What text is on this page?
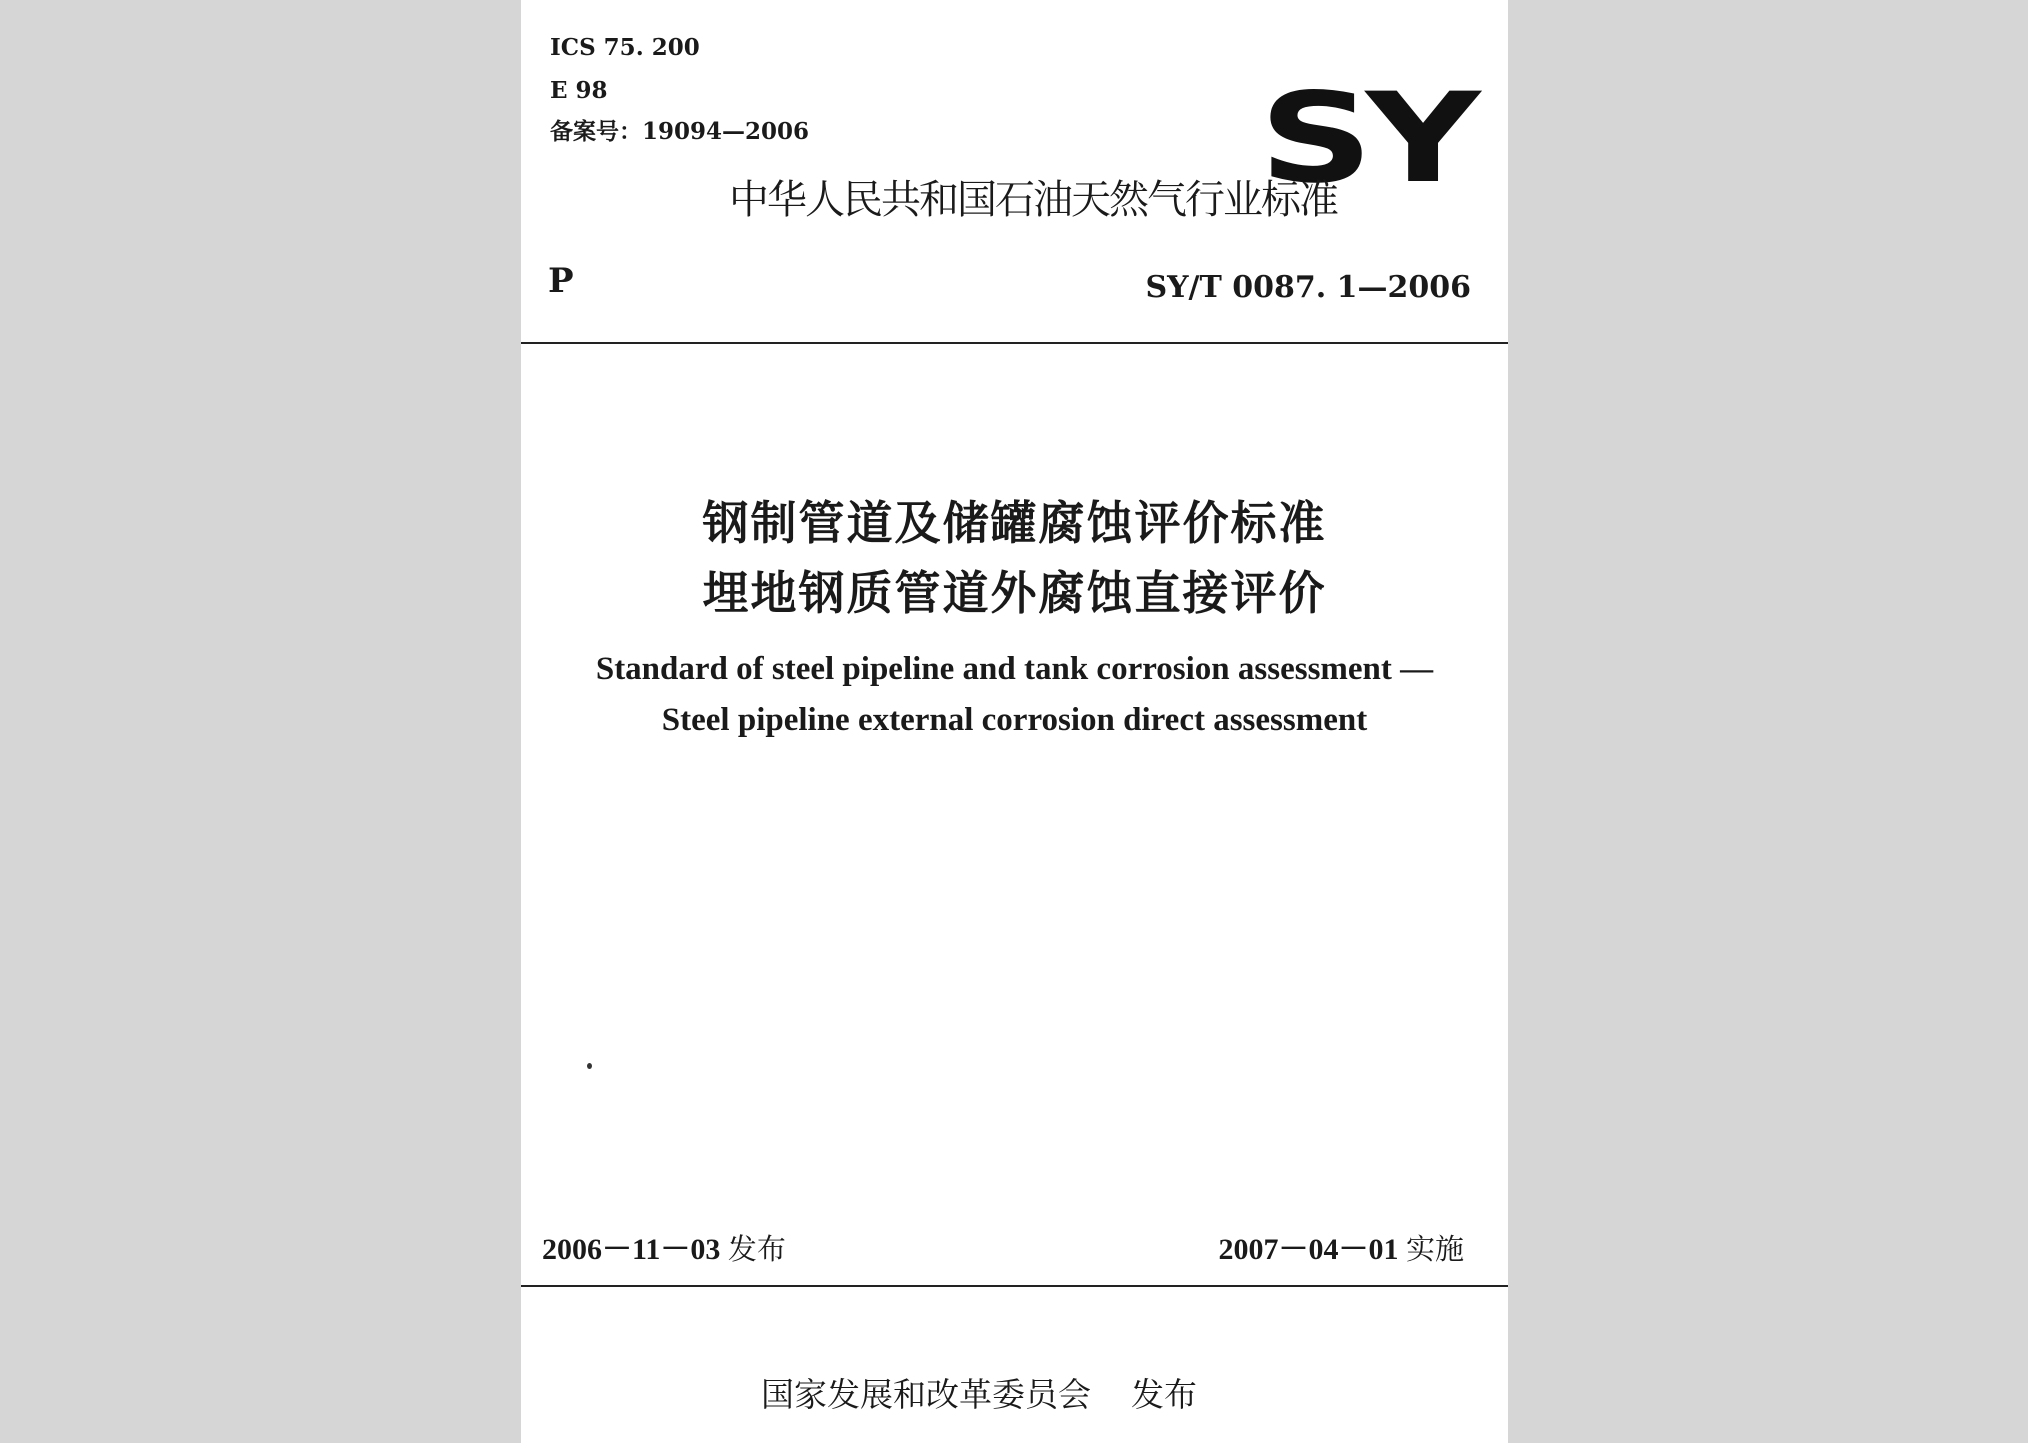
ICS 75. 200
E 98
备案号：19094—2006	SY
中华人民共和国石油天然气行业标准
P	SY/T 0087. 1—2006
钢制管道及储罐腐蚀评价标准
埋地钢质管道外腐蚀直接评价
Standard of steel pipeline and tank corrosion assessment —
Steel pipeline external corrosion direct assessment
2006－11－03 发布	2007－04－01 实施
国家发展和改革委员会 发布
